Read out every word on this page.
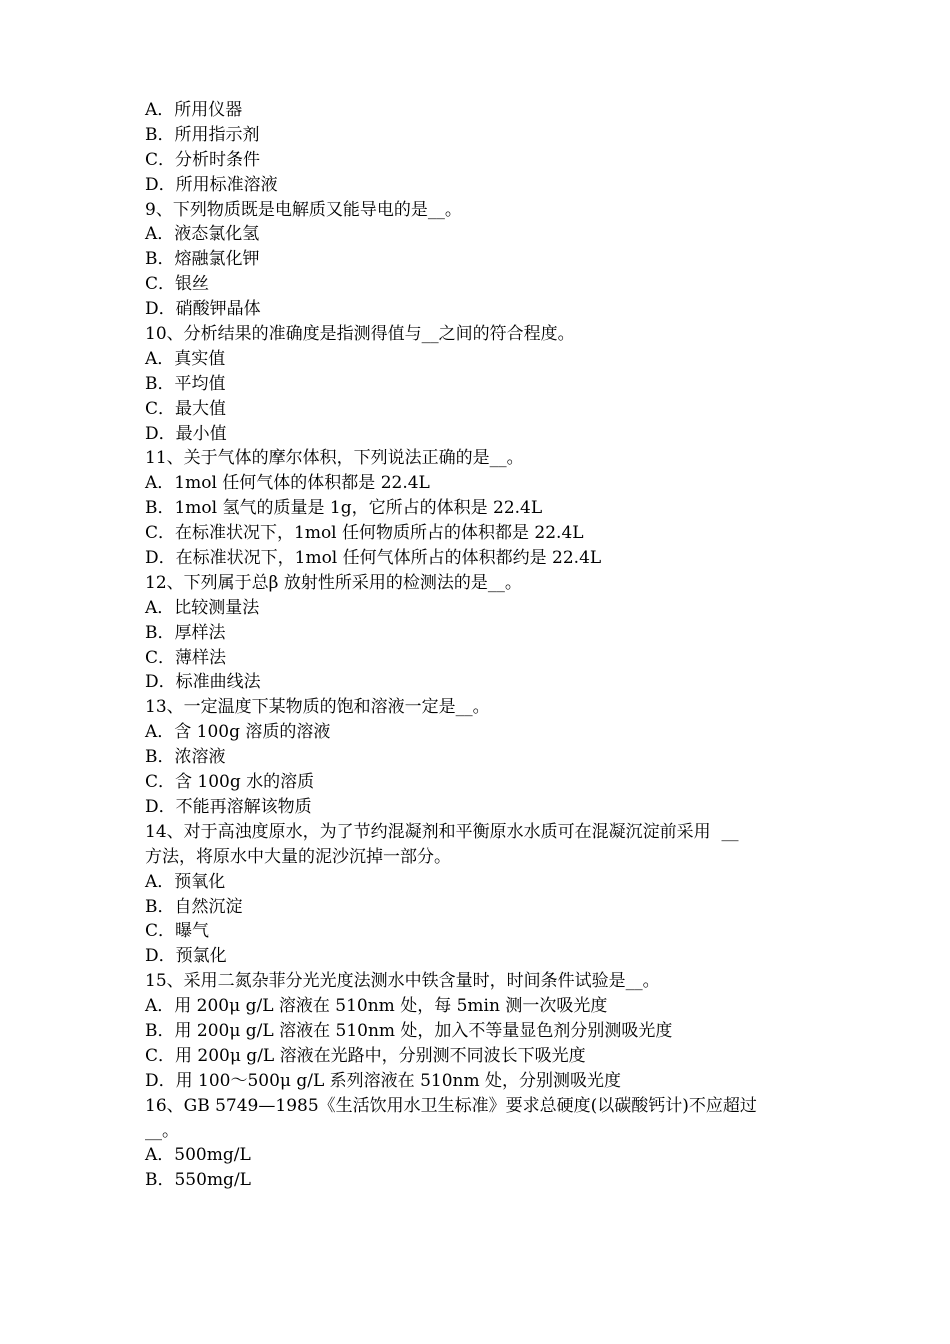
A．所用仪器
B．所用指示剂
C．分析时条件
D．所用标准溶液
9、下列物质既是电解质又能导电的是__。
A．液态氯化氢
B．熔融氯化钾
C．银丝
D．硝酸钾晶体
10、分析结果的准确度是指测得值与__之间的符合程度。
A．真实值
B．平均值
C．最大值
D．最小值
11、关于气体的摩尔体积，下列说法正确的是__。
A．1mol 任何气体的体积都是 22.4L
B．1mol 氢气的质量是 1g，它所占的体积是 22.4L
C．在标准状况下，1mol 任何物质所占的体积都是 22.4L
D．在标准状况下，1mol 任何气体所占的体积都约是 22.4L
12、下列属于总β 放射性所采用的检测法的是__。
A．比较测量法
B．厚样法
C．薄样法
D．标准曲线法
13、一定温度下某物质的饱和溶液一定是__。
A．含 100g 溶质的溶液
B．浓溶液
C．含 100g 水的溶质
D．不能再溶解该物质
14、对于高浊度原水，为了节约混凝剂和平衡原水水质可在混凝沉淀前采用  __
方法，将原水中大量的泥沙沉掉一部分。
A．预氧化
B．自然沉淀
C．曝气
D．预氯化
15、采用二氮杂菲分光光度法测水中铁含量时，时间条件试验是__。
A．用 200μ g/L 溶液在 510nm 处，每 5min 测一次吸光度
B．用 200μ g/L 溶液在 510nm 处，加入不等量显色剂分别测吸光度
C．用 200μ g/L 溶液在光路中，分别测不同波长下吸光度
D．用 100～500μ g/L 系列溶液在 510nm 处，分别测吸光度
16、GB 5749—1985《生活饮用水卫生标准》要求总硬度(以碳酸钙计)不应超过
__。
A．500mg/L
B．550mg/L
